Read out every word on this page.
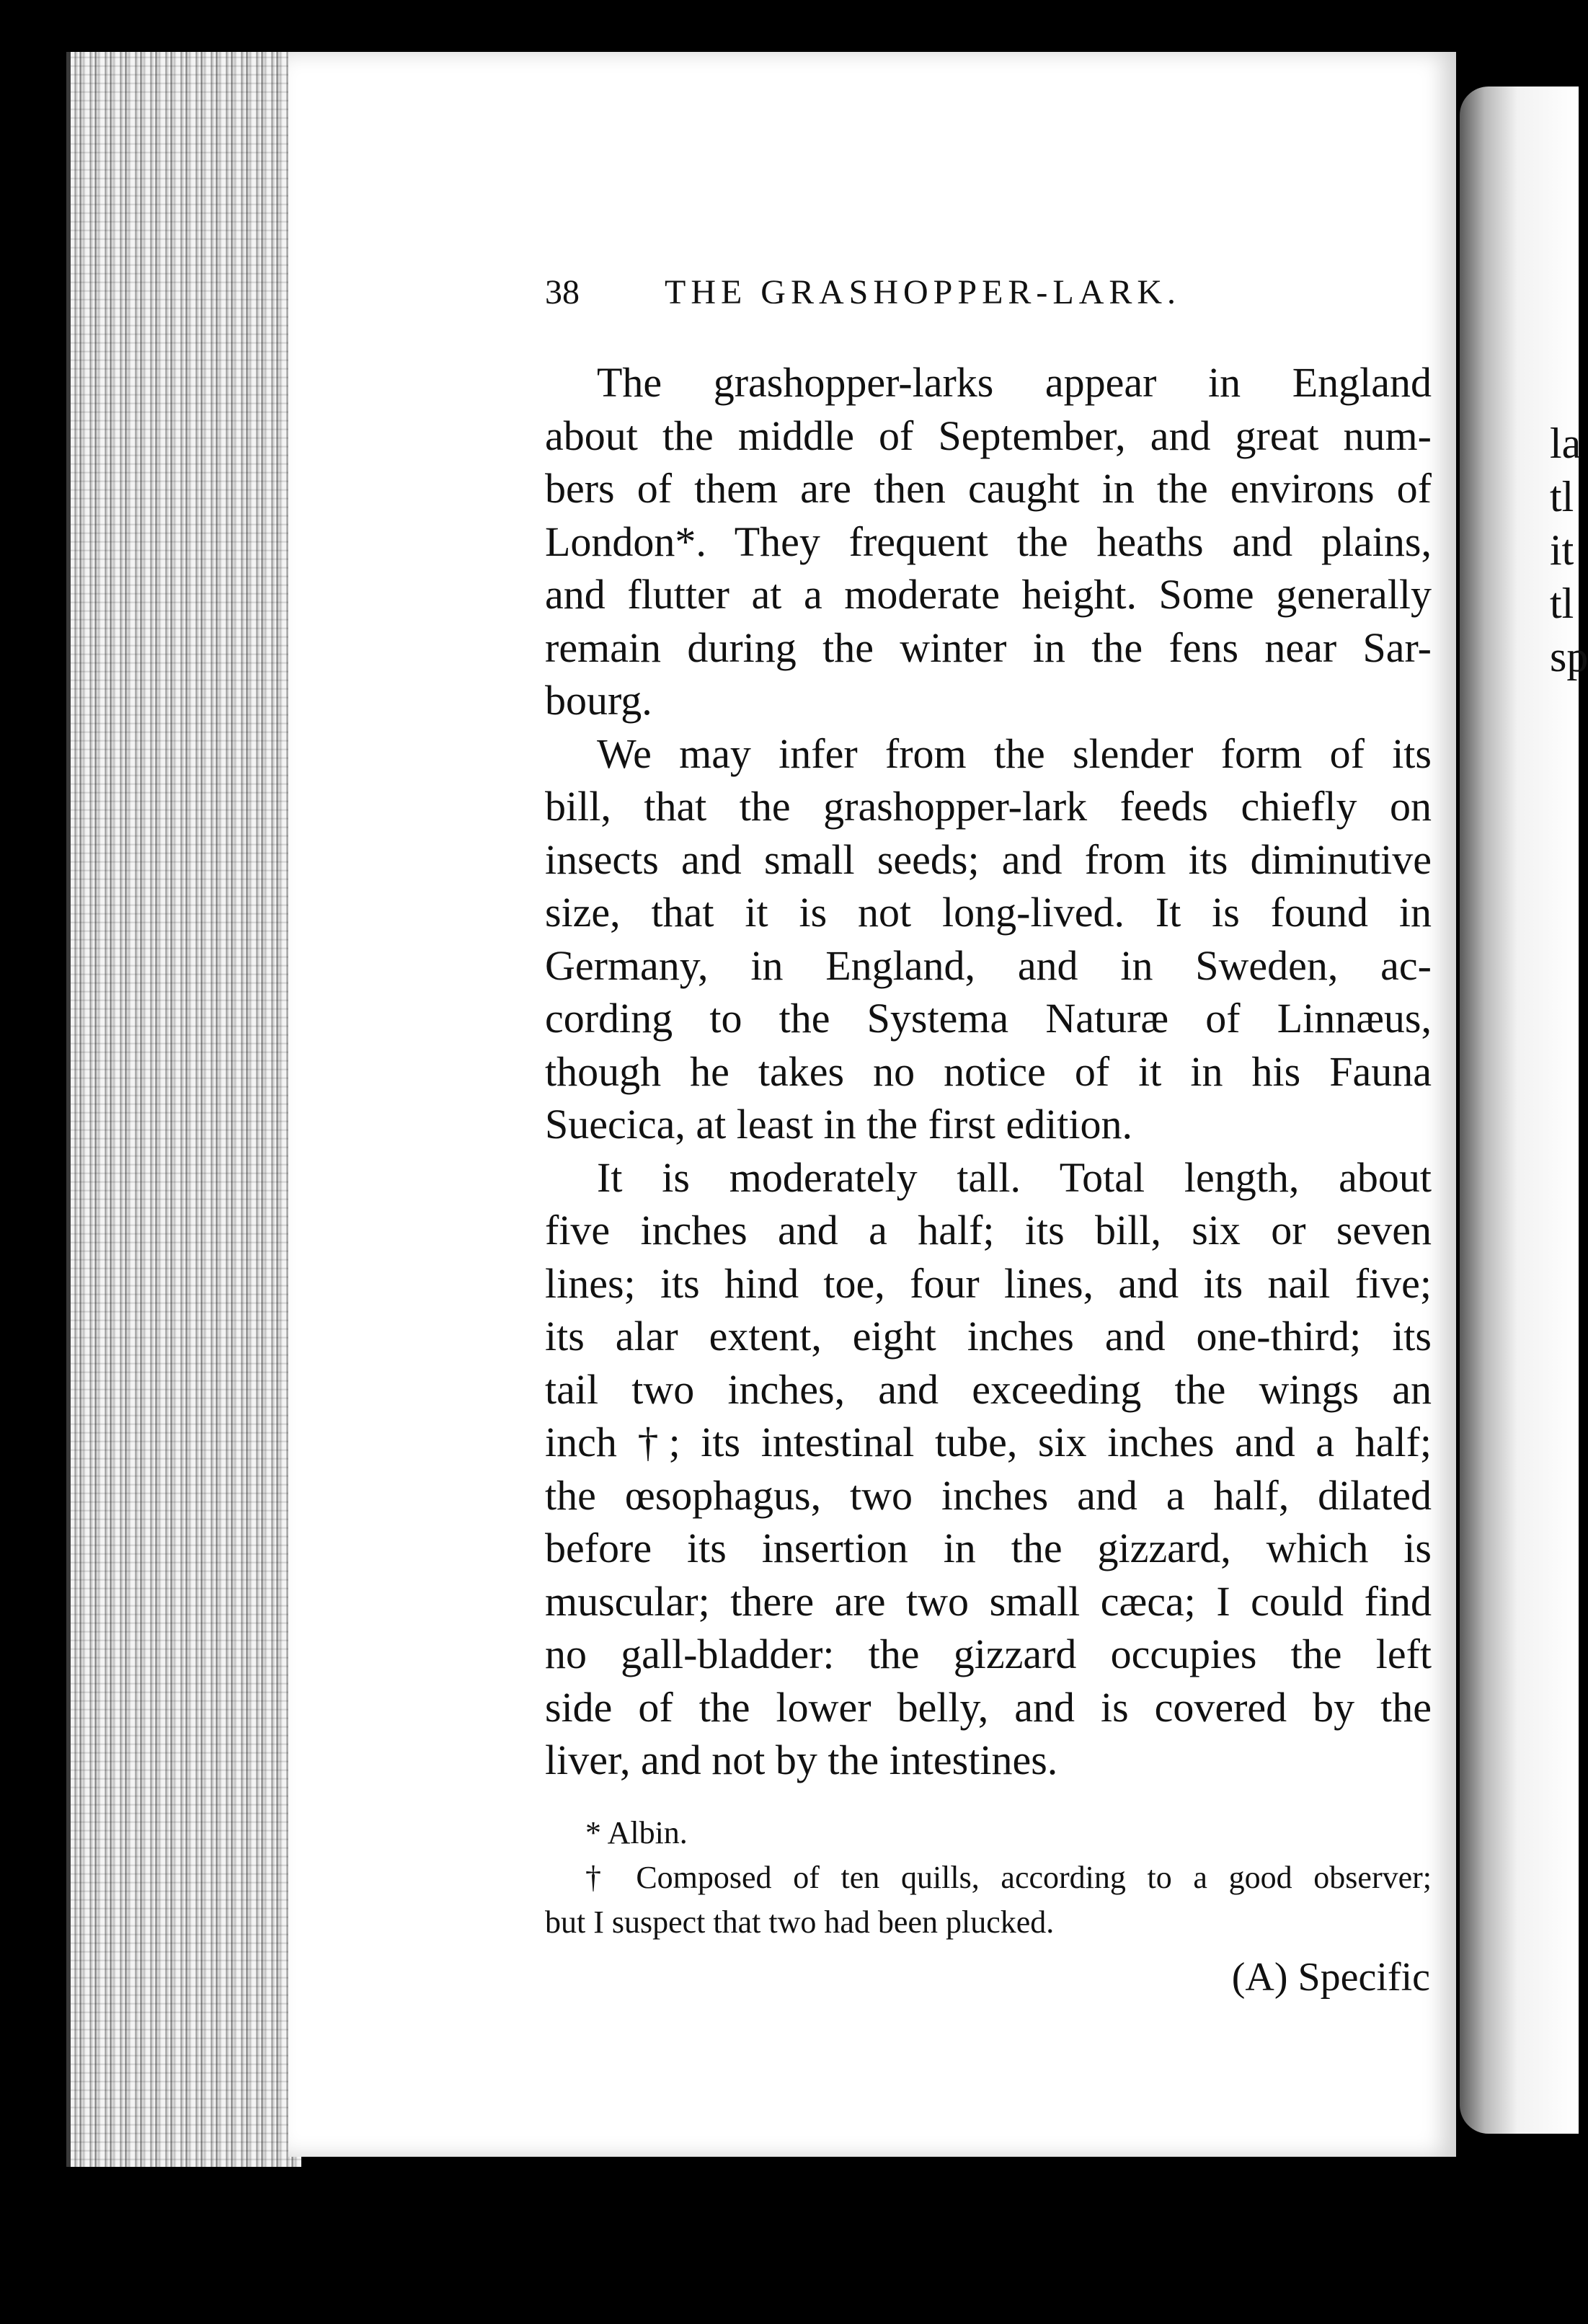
la
tl
it
tl
sp
38 THE GRASHOPPER-LARK.
The grashopper-larks appear in England
about the middle of September, and great num-
bers of them are then caught in the environs of
London*. They frequent the heaths and plains,
and flutter at a moderate height. Some generally
remain during the winter in the fens near Sar-
bourg.
We may infer from the slender form of its
bill, that the grashopper-lark feeds chiefly on
insects and small seeds; and from its diminutive
size, that it is not long-lived. It is found in
Germany, in England, and in Sweden, ac-
cording to the Systema Naturæ of Linnæus,
though he takes no notice of it in his Fauna
Suecica, at least in the first edition.
It is moderately tall. Total length, about
five inches and a half; its bill, six or seven
lines; its hind toe, four lines, and its nail five;
its alar extent, eight inches and one-third; its
tail two inches, and exceeding the wings an
inch †; its intestinal tube, six inches and a half;
the œsophagus, two inches and a half, dilated
before its insertion in the gizzard, which is
muscular; there are two small cæca; I could find
no gall-bladder: the gizzard occupies the left
side of the lower belly, and is covered by the
liver, and not by the intestines.
* Albin.
† Composed of ten quills, according to a good observer;
but I suspect that two had been plucked.
(A) Specific
